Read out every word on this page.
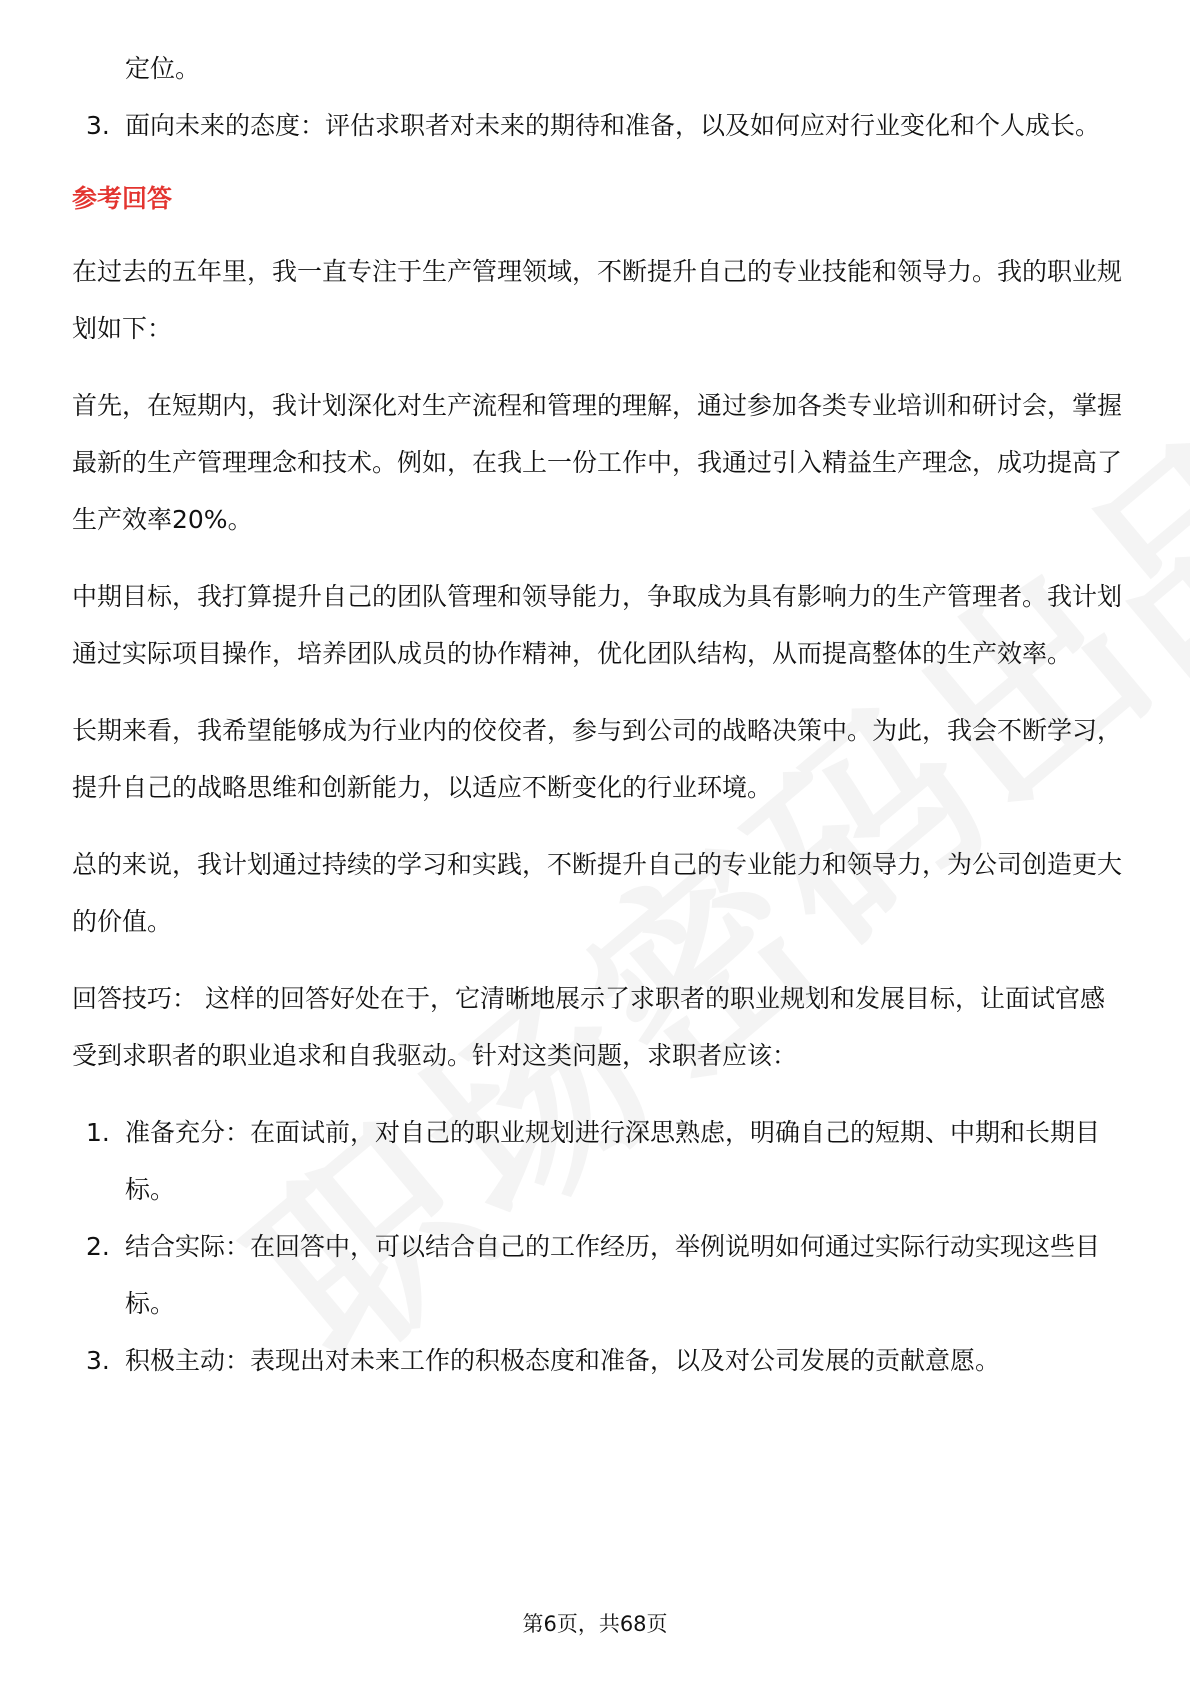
定位。
3. 面向未来的态度：评估求职者对未来的期待和准备，以及如何应对行业变化和个人成长。

参考回答

在过去的五年里，我一直专注于生产管理领域，不断提升自己的专业技能和领导力。我的职业规划如下：

首先，在短期内，我计划深化对生产流程和管理的理解，通过参加各类专业培训和研讨会，掌握最新的生产管理理念和技术。例如，在我上一份工作中，我通过引入精益生产理念，成功提高了生产效率20%。

中期目标，我打算提升自己的团队管理和领导能力，争取成为具有影响力的生产管理者。我计划通过实际项目操作，培养团队成员的协作精神，优化团队结构，从而提高整体的生产效率。

长期来看，我希望能够成为行业内的佼佼者，参与到公司的战略决策中。为此，我会不断学习，提升自己的战略思维和创新能力，以适应不断变化的行业环境。

总的来说，我计划通过持续的学习和实践，不断提升自己的专业能力和领导力，为公司创造更大的价值。

回答技巧： 这样的回答好处在于，它清晰地展示了求职者的职业规划和发展目标，让面试官感受到求职者的职业追求和自我驱动。针对这类问题，求职者应该：

1. 准备充分：在面试前，对自己的职业规划进行深思熟虑，明确自己的短期、中期和长期目标。
2. 结合实际：在回答中，可以结合自己的工作经历，举例说明如何通过实际行动实现这些目标。
3. 积极主动：表现出对未来工作的积极态度和准备，以及对公司发展的贡献意愿。
第6页，共68页
